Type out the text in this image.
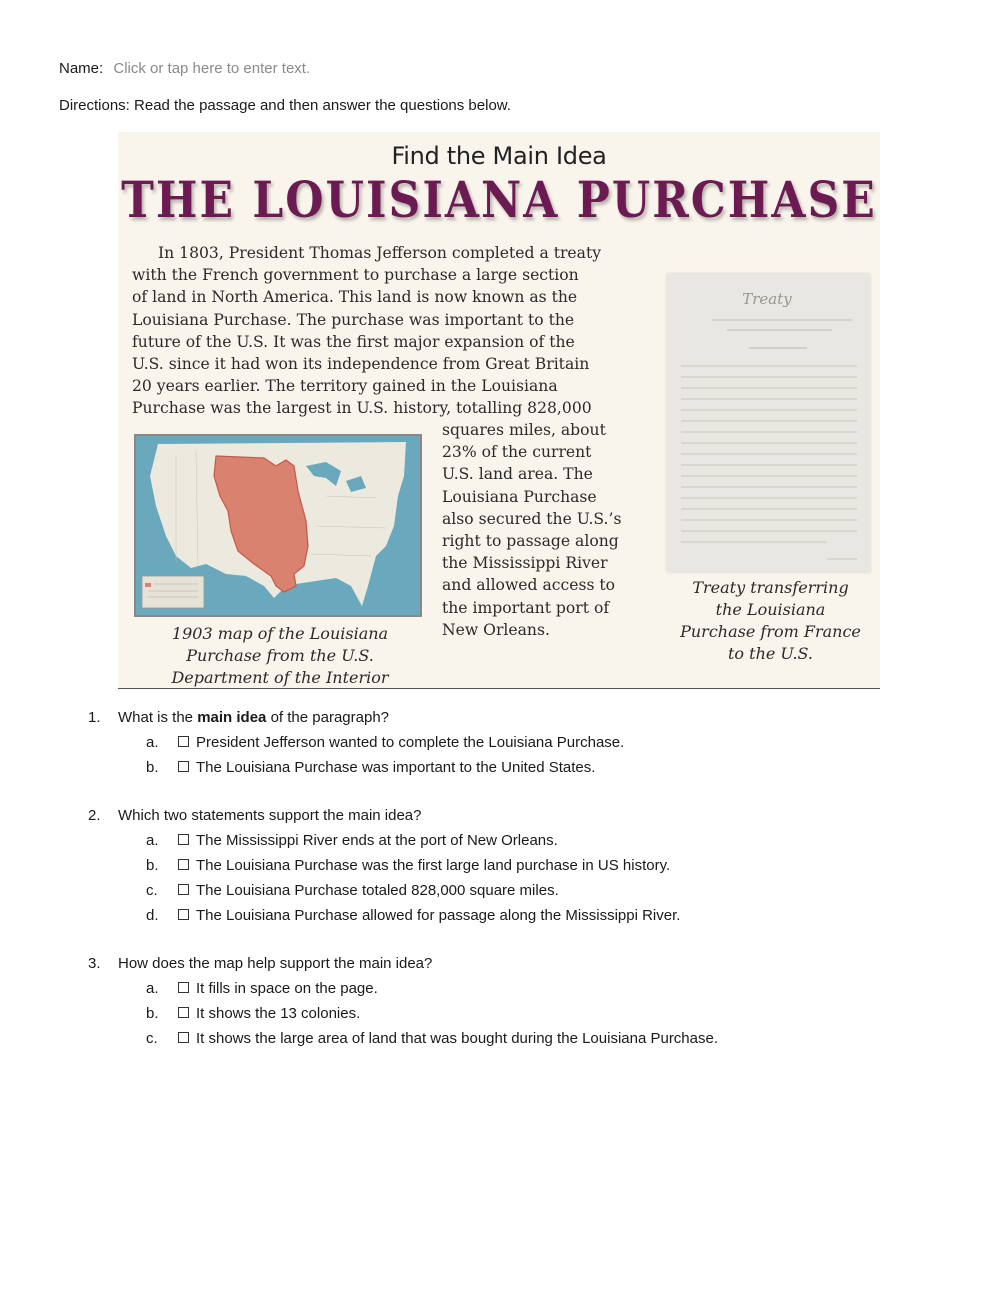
Name: Click or tap here to enter text.
Directions: Read the passage and then answer the questions below.
Find the Main Idea
THE LOUISIANA PURCHASE
In 1803, President Thomas Jefferson completed a treaty
with the French government to purchase a large section
of land in North America. This land is now known as the
Louisiana Purchase. The purchase was important to the
future of the U.S. It was the first major expansion of the
U.S. since it had won its independence from Great Britain
20 years earlier. The territory gained in the Louisiana
Purchase was the largest in U.S. history, totalling 828,000
squares miles, about
23% of the current
U.S. land area. The
Louisiana Purchase
also secured the U.S.’s
right to passage along
the Mississippi River
and allowed access to
the important port of
New Orleans.
1903 map of the Louisiana
Purchase from the U.S.
Department of the Interior
Treaty
Treaty transferring
the Louisiana
Purchase from France
to the U.S.
1.	What is the main idea of the paragraph?
a.	President Jefferson wanted to complete the Louisiana Purchase.
b.	The Louisiana Purchase was important to the United States.
2.	Which two statements support the main idea?
a.	The Mississippi River ends at the port of New Orleans.
b.	The Louisiana Purchase was the first large land purchase in US history.
c.	The Louisiana Purchase totaled 828,000 square miles.
d.	The Louisiana Purchase allowed for passage along the Mississippi River.
3.	How does the map help support the main idea?
a.	It fills in space on the page.
b.	It shows the 13 colonies.
c.	It shows the large area of land that was bought during the Louisiana Purchase.
